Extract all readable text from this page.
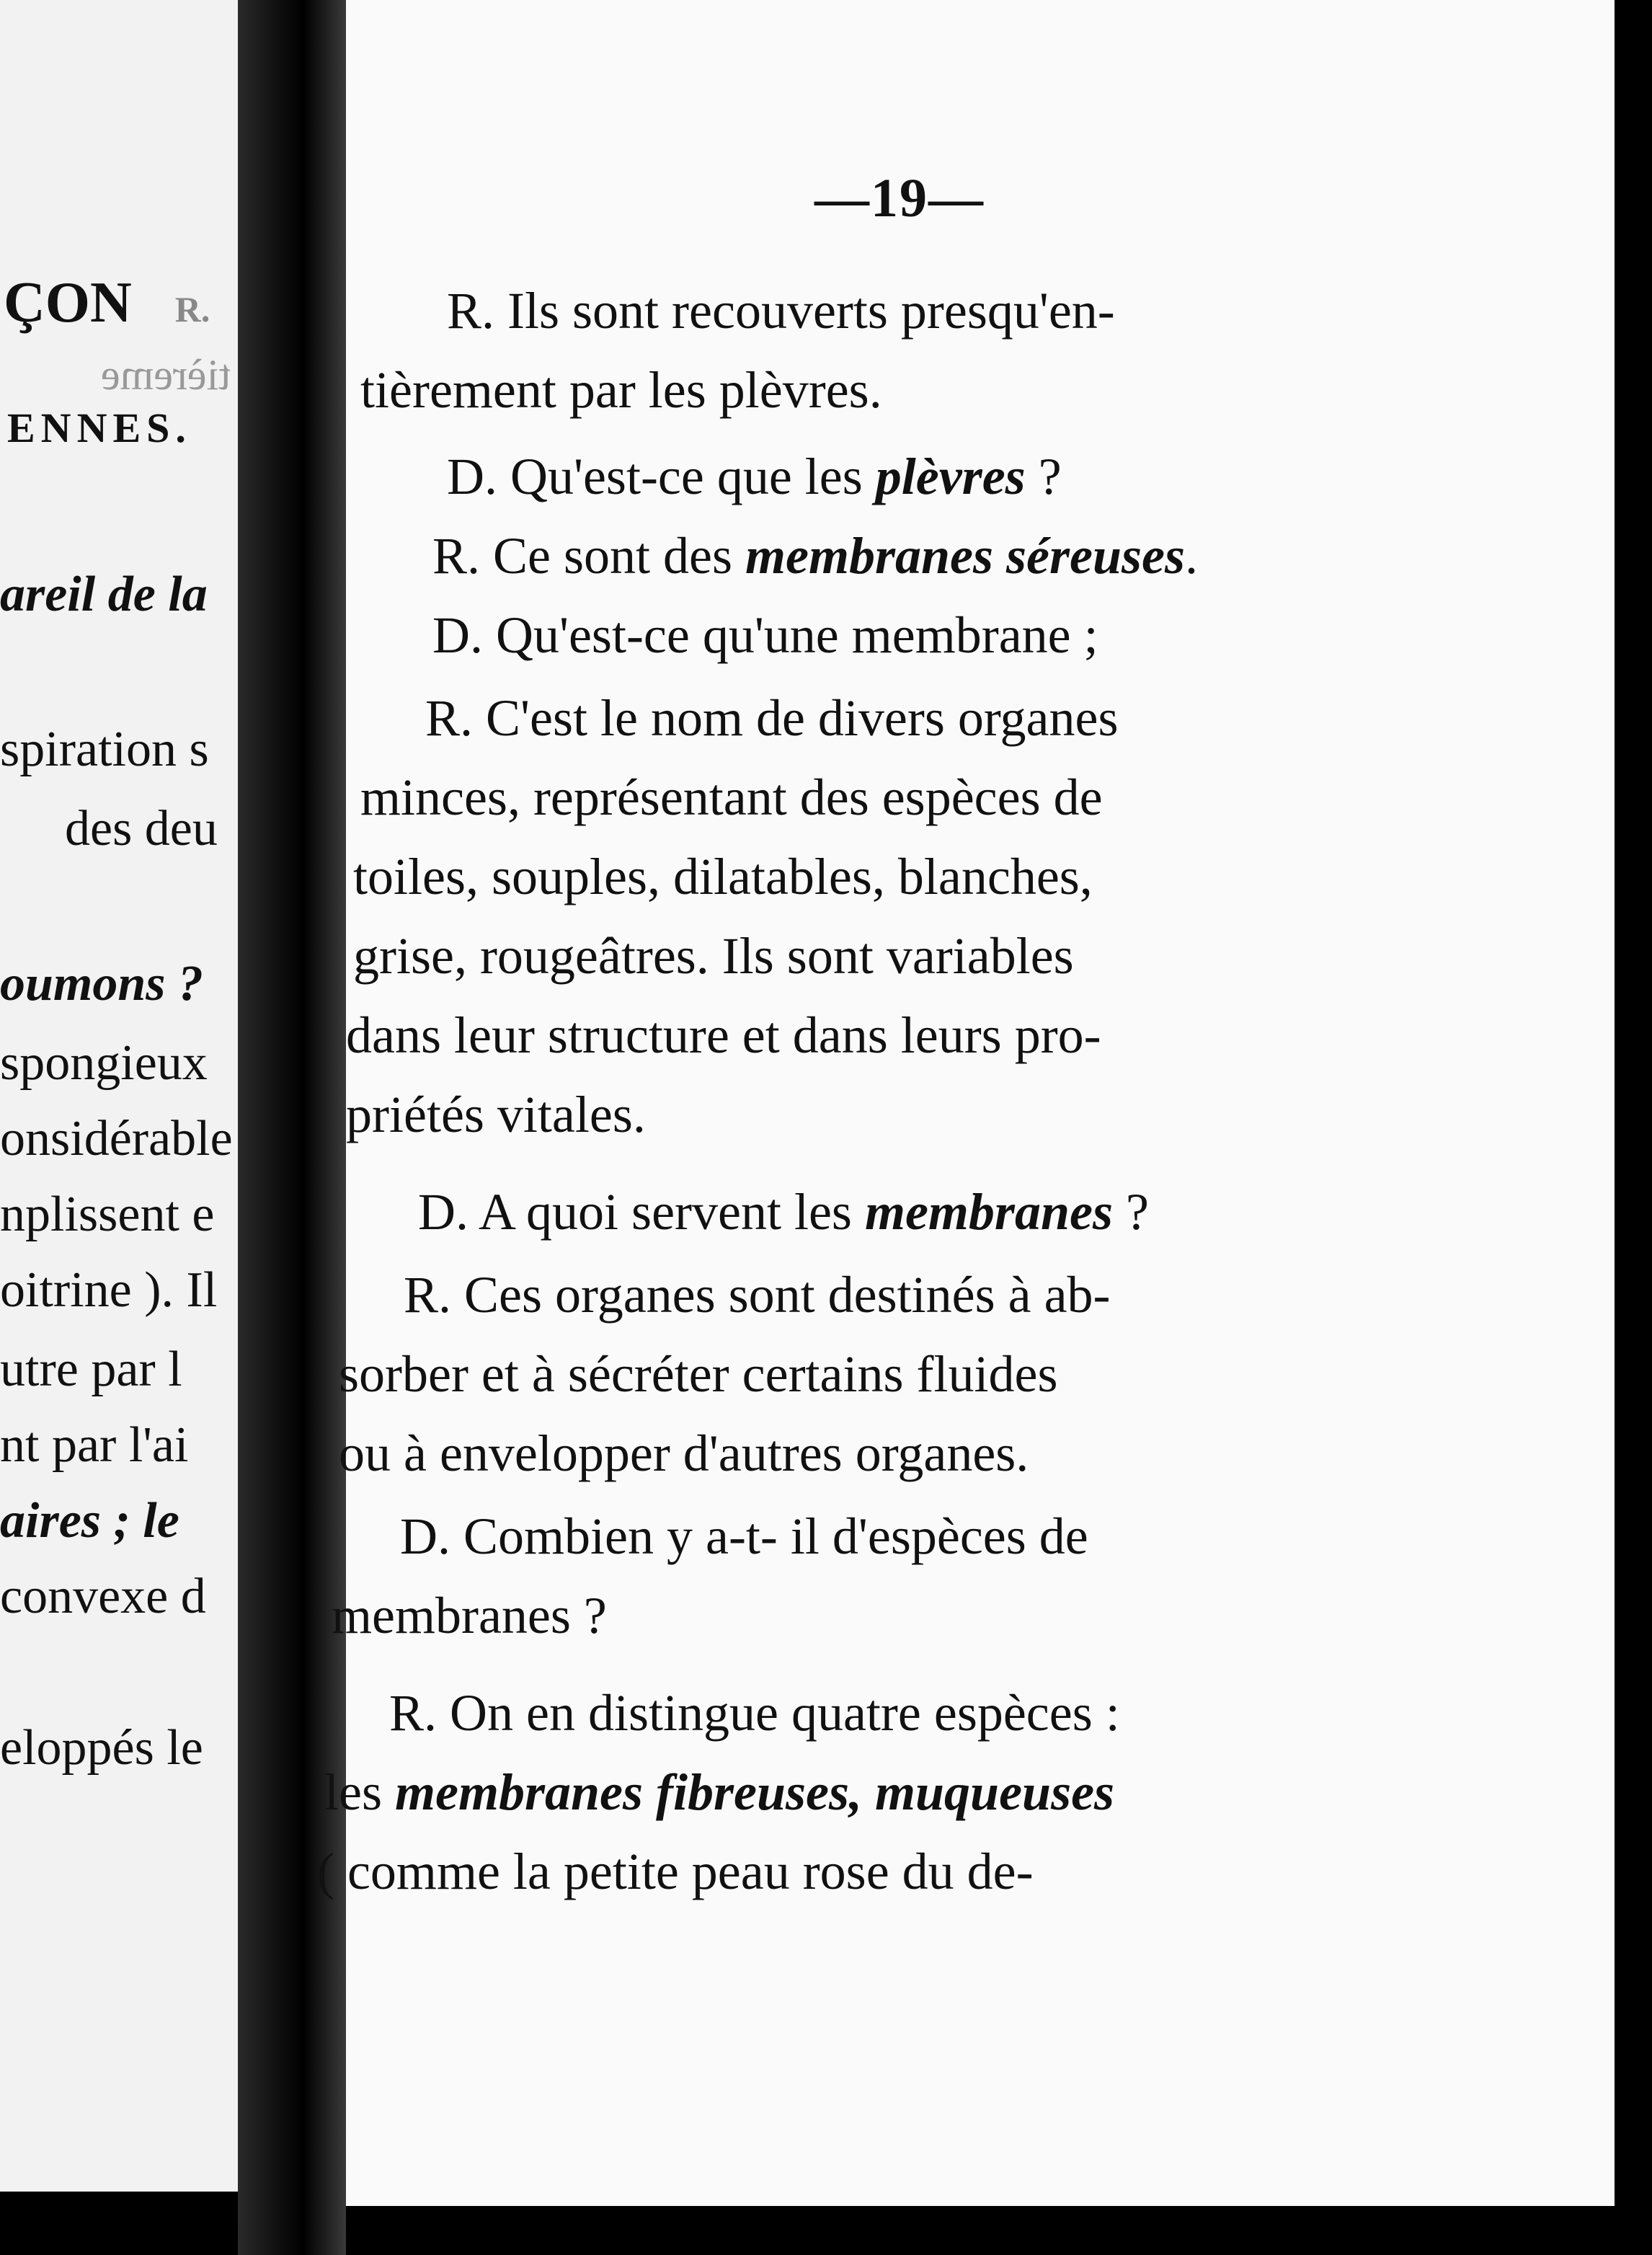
ÇON R.
tièreme
ENNES.
areil de la
spiration s
des deu
oumons ?
spongieux
onsidérable
nplissent e
oitrine ). Il
utre par l
nt par l'ai
aires ; le
convexe d
eloppés le
—19—
R. Ils sont recouverts presqu'en-
tièrement par les plèvres.
D. Qu'est-ce que les plèvres ?
R. Ce sont des membranes séreuses.
D. Qu'est-ce qu'une membrane ;
R. C'est le nom de divers organes
minces, représentant des espèces de
toiles, souples, dilatables, blanches,
grise, rougeâtres. Ils sont variables
dans leur structure et dans leurs pro-
priétés vitales.
D. A quoi servent les membranes ?
R. Ces organes sont destinés à ab-
sorber et à sécréter certains fluides
ou à envelopper d'autres organes.
D. Combien y a-t- il d'espèces de
membranes ?
R. On en distingue quatre espèces :
les membranes fibreuses, muqueuses
( comme la petite peau rose du de-
